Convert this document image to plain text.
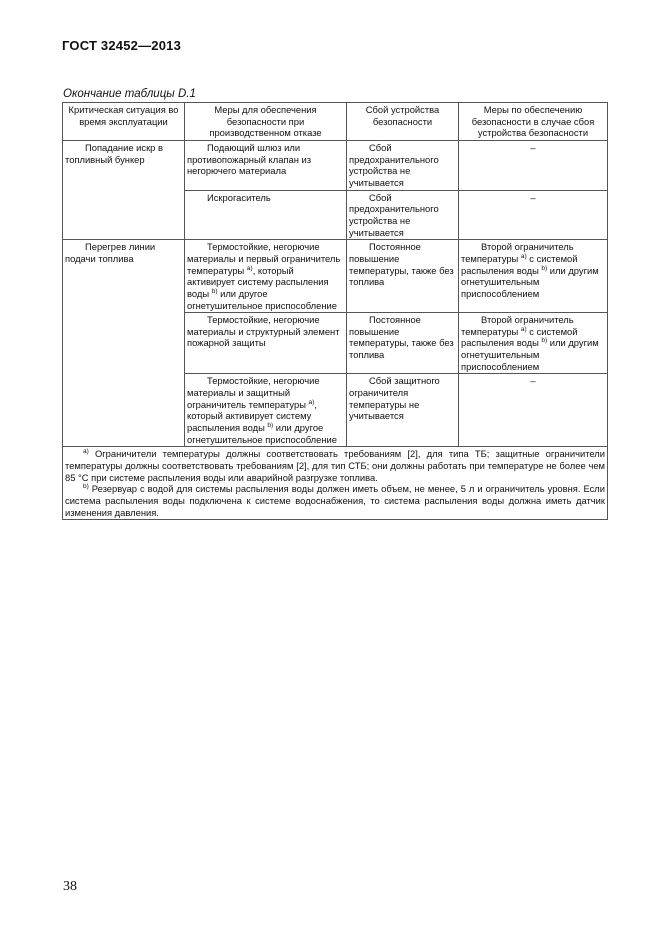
ГОСТ 32452—2013
Окончание таблицы D.1
Критическая ситуация во время эксплуатации	Меры для обеспечения безопасности при производственном отказе	Сбой устройства безопасности	Меры по обеспечению безопасности в случае сбоя устройства безопасности
Попадание искр в топливный бункер	Подающий шлюз или противопожарный клапан из негорючего материала	Сбой предохранительного устройства не учитывается	–
	Искрогаситель	Сбой предохранительного устройства не учитывается	–
Перегрев линии подачи топлива	Термостойкие, негорючие материалы и первый ограничитель температуры $^{a)}$, который активирует систему распыления воды $^{b)}$ или другое огнетушительное приспособление	Постоянное повышение температуры, также без топлива	Второй ограничитель температуры $^{a)}$ с системой распыления воды $^{b)}$ или другим огнетушительным приспособлением
	Термостойкие, негорючие материалы и структурный элемент пожарной защиты	Постоянное повышение температуры, также без топлива	Второй ограничитель температуры $^{a)}$ с системой распыления воды $^{b)}$ или другим огнетушительным приспособлением
	Термостойкие, негорючие материалы и защитный ограничитель температуры $^{a)}$, который активирует систему распыления воды $^{b)}$ или другое огнетушительное приспособление	Сбой защитного ограничителя температуры не учитывается	–

$^{a)}$ Ограничители температуры должны соответствовать требованиям [2], для типа ТБ; защитные ограничители температуры должны соответствовать требованиям [2], для тип СТБ; они должны работать при температуре не более чем 85 °С при системе распыления воды или аварийной разгрузке топлива.

$^{b)}$ Резервуар с водой для системы распыления воды должен иметь объем, не менее, 5 л и ограничитель уровня. Если система распыления воды подключена к системе водоснабжения, то система распыления воды должна иметь датчик изменения давления.			

38
